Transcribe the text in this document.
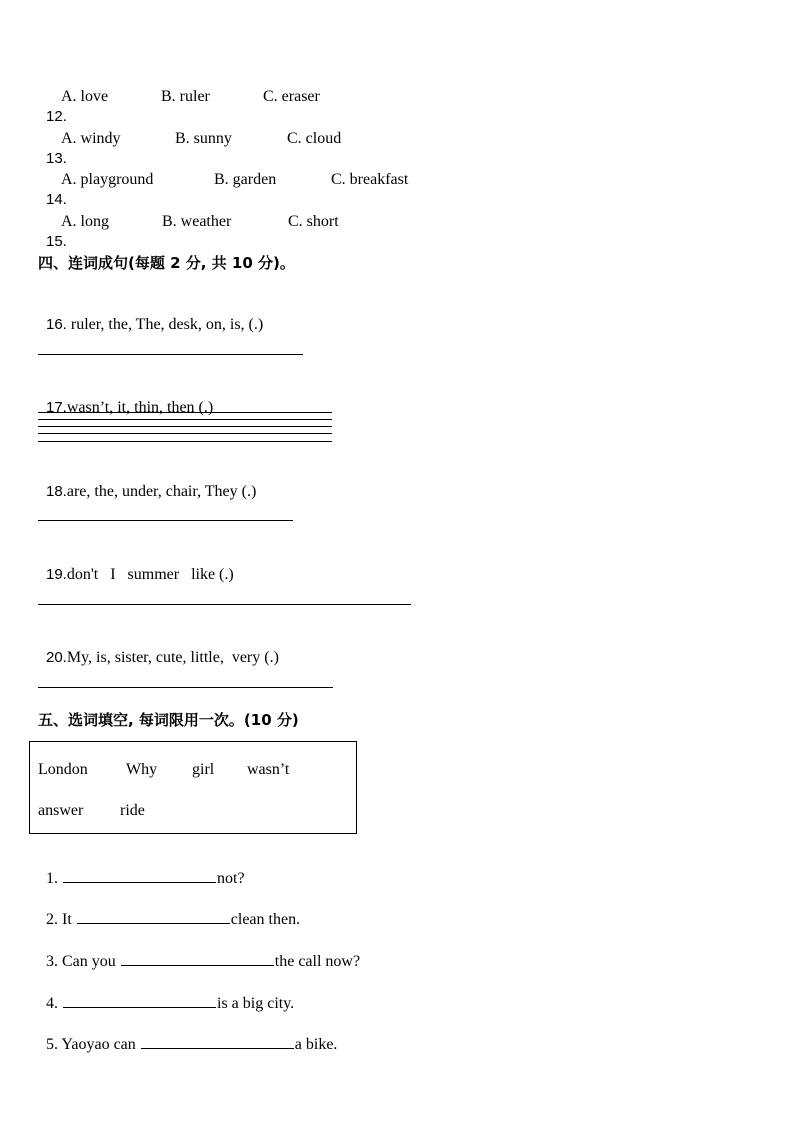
12.

A. love

	B. ruler

	C. eraser

13.

A. windy

	B. sunny

	C. cloud

14.

A. playground

	B. garden

	C. breakfast

15.

A. long

	B. weather

	C. short

四、连词成句(每题 2 分, 共 10 分)。

16. ruler, the, The, desk, on, is, (.)

17.wasn’t, it, thin, then (.)

18.are, the, under, chair, They (.)

19.don't   I   summer   like (.)

20.My, is, sister, cute, little,  very (.)

五、选词填空, 每词限用一次。(10 分)
London Why girl wasn’t
answer ride

1.	not?

2. It	clean then.

3. Can you	the call now?

4.	is a big city.

5. Yaoyao can	a bike.
